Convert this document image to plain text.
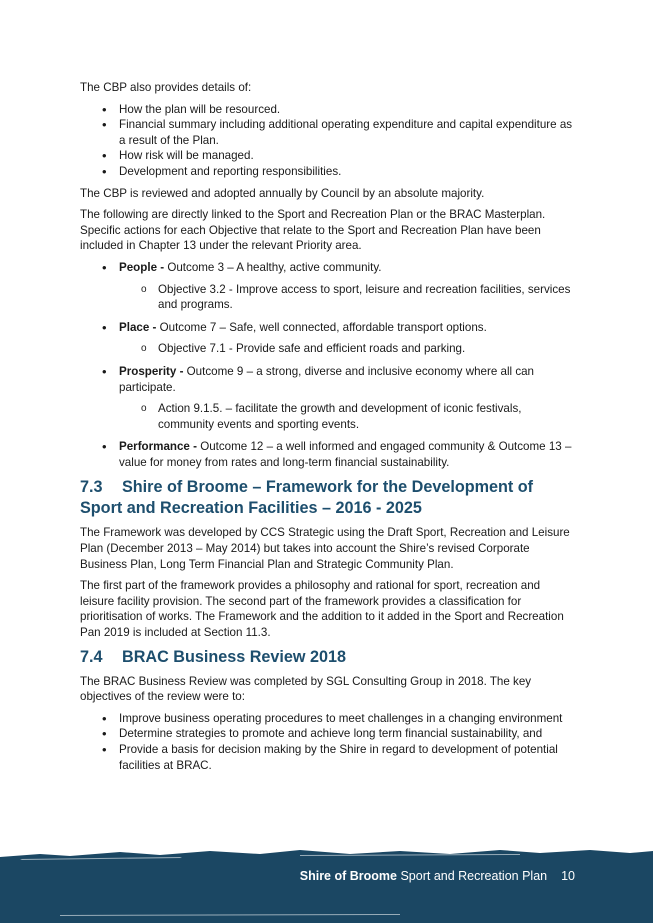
The CBP also provides details of:

• How the plan will be resourced.
• Financial summary including additional operating expenditure and capital expenditure as a result of the Plan.
• How risk will be managed.
• Development and reporting responsibilities.

The CBP is reviewed and adopted annually by Council by an absolute majority.

The following are directly linked to the Sport and Recreation Plan or the BRAC Masterplan. Specific actions for each Objective that relate to the Sport and Recreation Plan have been included in Chapter 13 under the relevant Priority area.

• People - Outcome 3 – A healthy, active community.
o Objective 3.2 - Improve access to sport, leisure and recreation facilities, services and programs.
• Place - Outcome 7 – Safe, well connected, affordable transport options.
o Objective 7.1 - Provide safe and efficient roads and parking.
• Prosperity - Outcome 9 – a strong, diverse and inclusive economy where all can participate.
o Action 9.1.5. – facilitate the growth and development of iconic festivals, community events and sporting events.
• Performance - Outcome 12 – a well informed and engaged community & Outcome 13 – value for money from rates and long-term financial sustainability.
7.3 Shire of Broome – Framework for the Development of Sport and Recreation Facilities – 2016 - 2025

The Framework was developed by CCS Strategic using the Draft Sport, Recreation and Leisure Plan (December 2013 – May 2014) but takes into account the Shire’s revised Corporate Business Plan, Long Term Financial Plan and Strategic Community Plan.

The first part of the framework provides a philosophy and rational for sport, recreation and leisure facility provision. The second part of the framework provides a classification for prioritisation of works. The Framework and the addition to it added in the Sport and Recreation Pan 2019 is included at Section 11.3.

7.4 BRAC Business Review 2018

The BRAC Business Review was completed by SGL Consulting Group in 2018. The key objectives of the review were to:

• Improve business operating procedures to meet challenges in a changing environment
• Determine strategies to promote and achieve long term financial sustainability, and
• Provide a basis for decision making by the Shire in regard to development of potential facilities at BRAC.
Shire of Broome Sport and Recreation Plan 10
